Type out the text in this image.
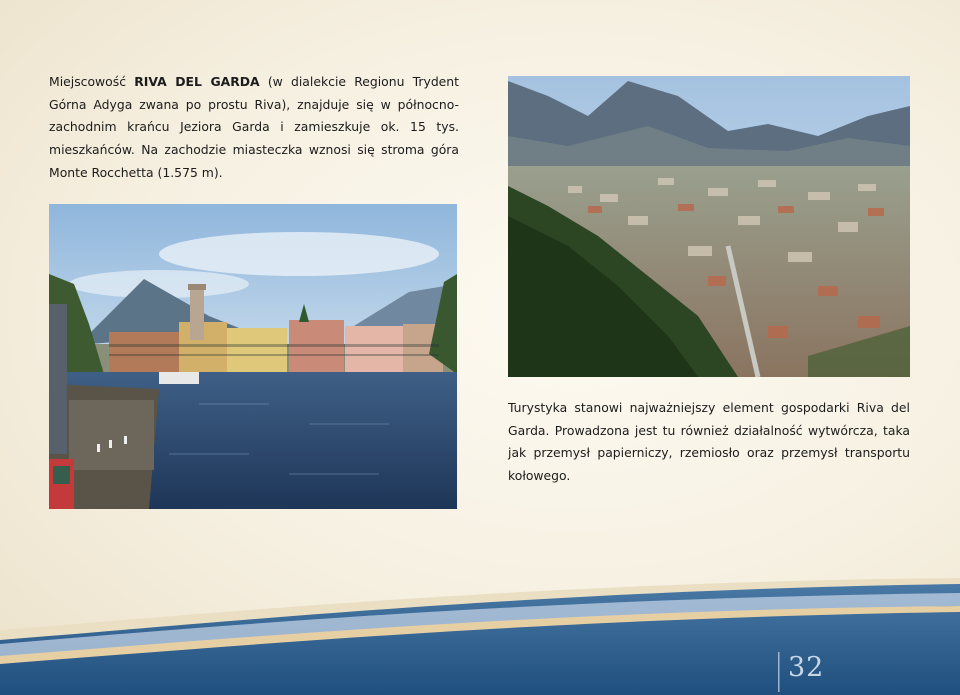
Miejscowość RIVA DEL GARDA (w dialekcie Regionu Trydent Górna Adyga zwana po prostu Riva), znajduje się w północno-zachodnim krańcu Jeziora Garda i zamieszkuje ok. 15 tys. mieszkańców. Na zachodzie miasteczka wznosi się stroma góra Monte Rocchetta (1.575 m).

Turystyka stanowi najważniejszy element gospodarki Riva del Garda. Prowadzona jest tu również działalność wytwórcza, taka jak przemysł papierniczy, rzemiosło oraz przemysł transportu kołowego.

32
